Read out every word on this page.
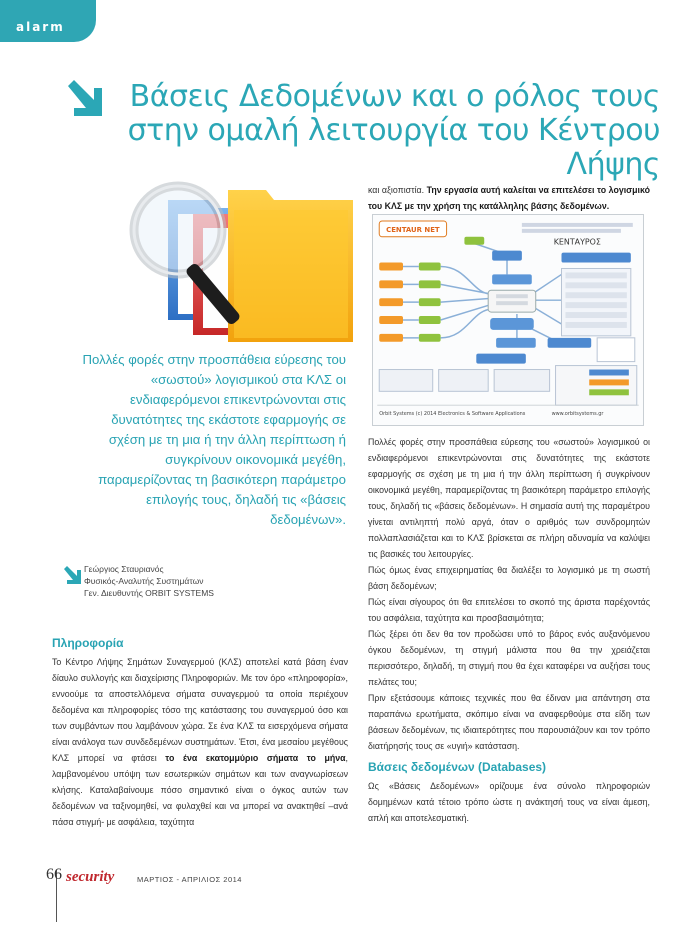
alarm
Βάσεις Δεδομένων και ο ρόλος τους
στην ομαλή λειτουργία του Κέντρου Λήψης

Πολλές φορές στην προσπάθεια εύρεσης του «σωστού» λογισμικού στα ΚΛΣ οι ενδιαφερόμενοι επικεντρώνονται στις δυνατότητες της εκάστοτε εφαρμογής σε σχέση με τη μια ή την άλλη περίπτωση ή συγκρίνουν οικονομικά μεγέθη, παραμερίζοντας τη βασικότερη παράμετρο επιλογής τους, δηλαδή τις «βάσεις δεδομένων».

Γεώργιος Σταυριανός
Φυσικός-Αναλυτής Συστημάτων
Γεν. Διευθυντής ORBIT SYSTEMS
Πληροφορία

Το Κέντρο Λήψης Σημάτων Συναγερμού (ΚΛΣ) αποτελεί κατά βάση έναν δίαυλο συλλογής και διαχείρισης Πληροφοριών. Με τον όρο «πληροφορία», εννοούμε τα αποστελλόμενα σήματα συναγερμού τα οποία περιέχουν δεδομένα και πληροφορίες τόσο της κατάστασης του συναγερμού όσο και των συμβάντων που λαμβάνουν χώρα. Σε ένα ΚΛΣ τα εισερχόμενα σήματα είναι ανάλογα των συνδεδεμένων συστημάτων. Έτσι, ένα μεσαίου μεγέθους ΚΛΣ μπορεί να φτάσει το ένα εκατομμύριο σήματα το μήνα, λαμβανομένου υπόψη των εσωτερικών σημάτων και των αναγνωρίσεων κλήσης. Καταλαβαίνουμε πόσο σημαντικό είναι ο όγκος αυτών των δεδομένων να ταξινομηθεί, να φυλαχθεί και να μπορεί να ανακτηθεί –ανά πάσα στιγμή- με ασφάλεια, ταχύτητα

και αξιοπιστία. Την εργασία αυτή καλείται να επιτελέσει το λογισμικό του ΚΛΣ με την χρήση της κατάλληλης βάσης δεδομένων.

CENTAUR NET
ΚΕΝΤΑΥΡΟΣ
Orbit Systems (c) 2014 Electronics & Software Applications	www.orbitsystems.gr

Πολλές φορές στην προσπάθεια εύρεσης του «σωστού» λογισμικού οι ενδιαφερόμενοι επικεντρώνονται στις δυνατότητες της εκάστοτε εφαρμογής σε σχέση με τη μια ή την άλλη περίπτωση ή συγκρίνουν οικονομικά μεγέθη, παραμερίζοντας τη βασικότερη παράμετρο επιλογής τους, δηλαδή τις «βάσεις δεδομένων». Η σημασία αυτή της παραμέτρου γίνεται αντιληπτή πολύ αργά, όταν ο αριθμός των συνδρομητών πολλαπλασιάζεται και το ΚΛΣ βρίσκεται σε πλήρη αδυναμία να καλύψει τις βασικές του λειτουργίες.

Πώς όμως ένας επιχειρηματίας θα διαλέξει το λογισμικό με τη σωστή βάση δεδομένων;

Πώς είναι σίγουρος ότι θα επιτελέσει το σκοπό της άριστα παρέχοντάς του ασφάλεια, ταχύτητα και προσβασιμότητα;

Πώς ξέρει ότι δεν θα τον προδώσει υπό το βάρος ενός αυξανόμενου όγκου δεδομένων, τη στιγμή μάλιστα που θα την χρειάζεται περισσότερο, δηλαδή, τη στιγμή που θα έχει καταφέρει να αυξήσει τους πελάτες του;

Πριν εξετάσουμε κάποιες τεχνικές που θα έδιναν μια απάντηση στα παραπάνω ερωτήματα, σκόπιμο είναι να αναφερθούμε στα είδη των βάσεων δεδομένων, τις ιδιαιτερότητες που παρουσιάζουν και τον τρόπο διατήρησής τους σε «υγιή» κατάσταση.

Βάσεις δεδομένων (Databases)

Ως «Βάσεις Δεδομένων» ορίζουμε ένα σύνολο πληροφοριών δομημένων κατά τέτοιο τρόπο ώστε η ανάκτησή τους να είναι άμεση, απλή και αποτελεσματική.

66 security	ΜΑΡΤΙΟΣ - ΑΠΡΙΛΙΟΣ 2014
